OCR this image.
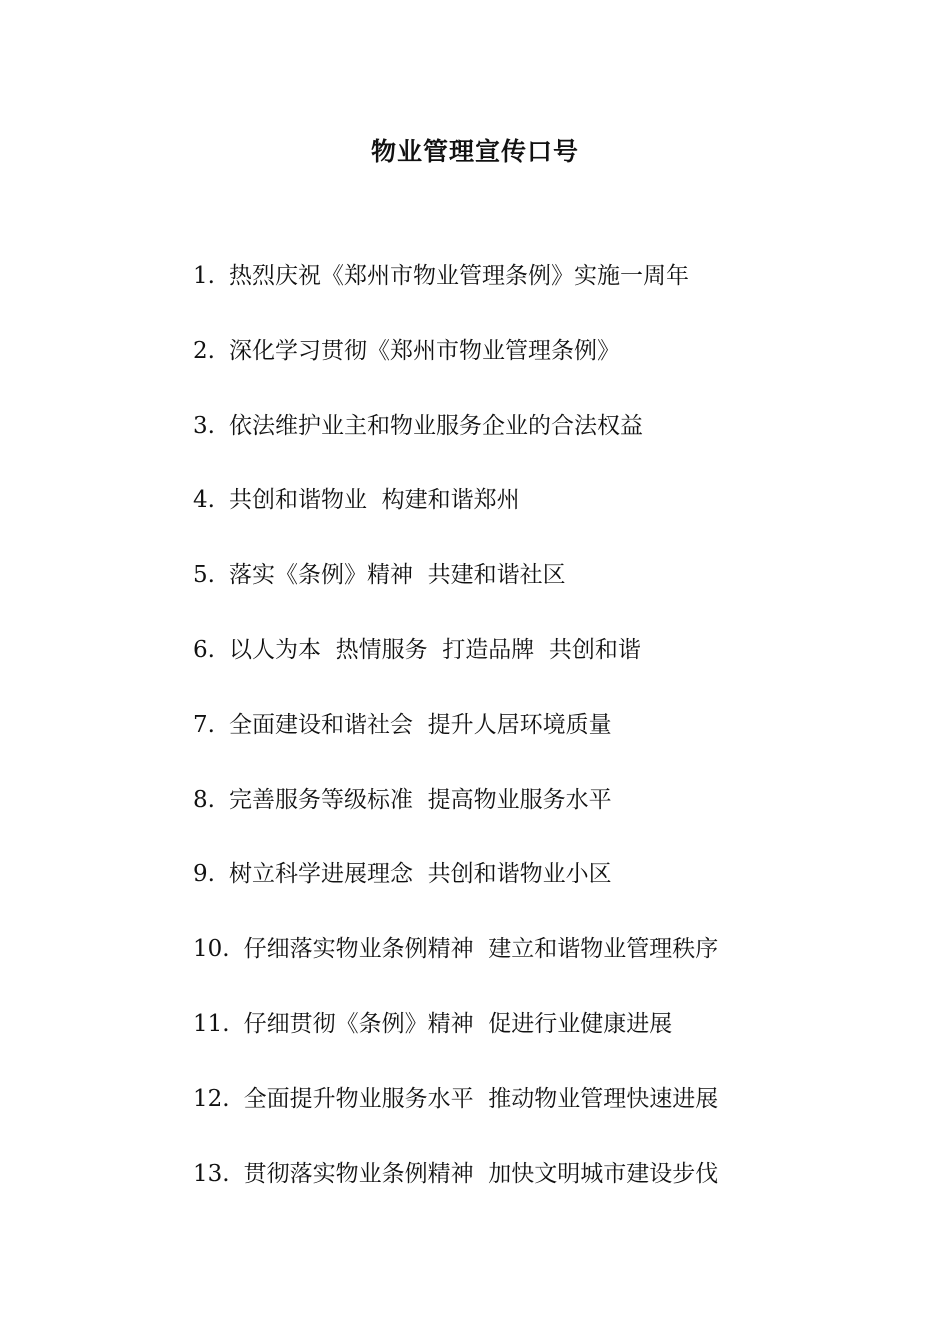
物业管理宣传口号
1. 热烈庆祝《郑州市物业管理条例》实施一周年
2. 深化学习贯彻《郑州市物业管理条例》
3. 依法维护业主和物业服务企业的合法权益
4. 共创和谐物业  构建和谐郑州
5. 落实《条例》精神  共建和谐社区
6. 以人为本  热情服务  打造品牌  共创和谐
7. 全面建设和谐社会  提升人居环境质量
8. 完善服务等级标准  提高物业服务水平
9. 树立科学进展理念  共创和谐物业小区
10. 仔细落实物业条例精神  建立和谐物业管理秩序
11. 仔细贯彻《条例》精神  促进行业健康进展
12. 全面提升物业服务水平  推动物业管理快速进展
13. 贯彻落实物业条例精神  加快文明城市建设步伐
